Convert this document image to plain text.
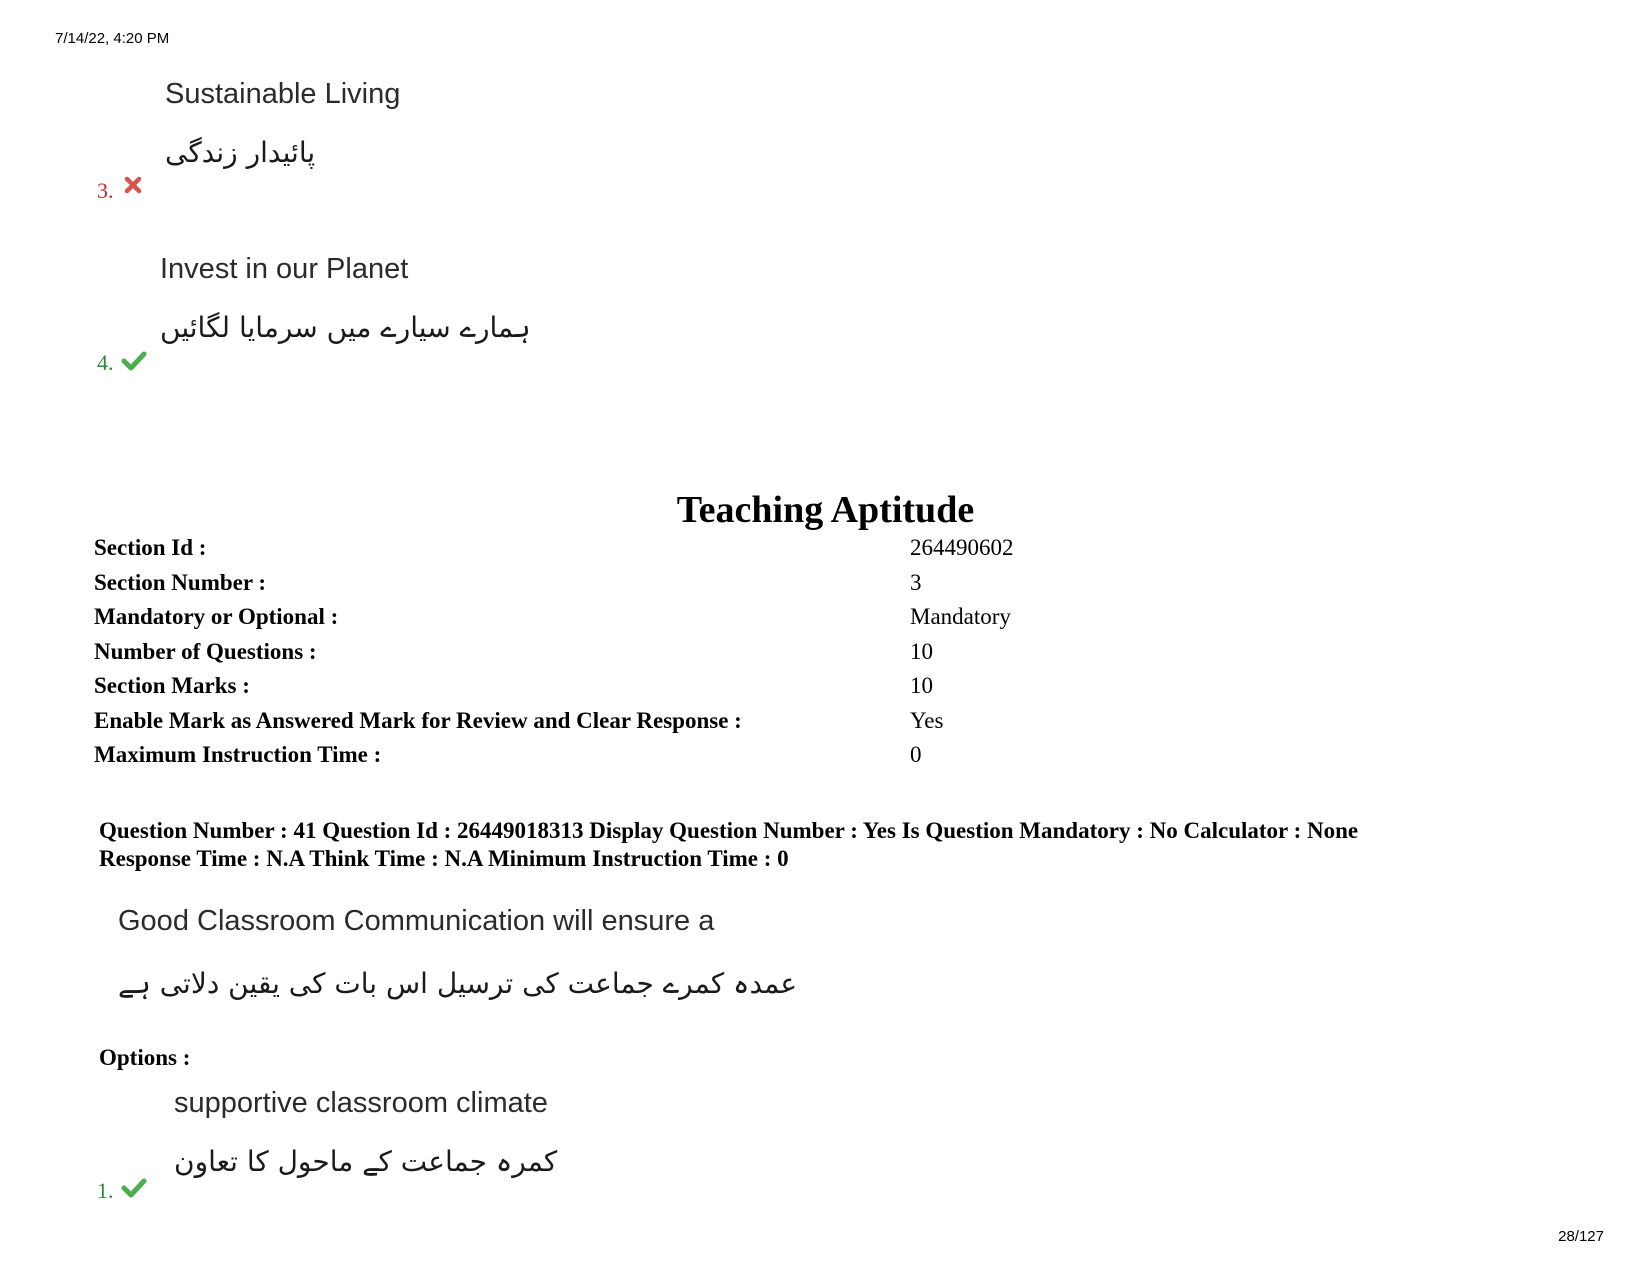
7/14/22, 4:20 PM
Sustainable Living
پائیدار زندگی
3.
Invest in our Planet
ہمارے سیارے میں سرمایا لگائیں
4.
Teaching Aptitude
Section Id :	264490602
Section Number :	3
Mandatory or Optional :	Mandatory
Number of Questions :	10
Section Marks :	10
Enable Mark as Answered Mark for Review and Clear Response :	Yes
Maximum Instruction Time :	0
Question Number : 41 Question Id : 26449018313 Display Question Number : Yes Is Question Mandatory : No Calculator : None
Response Time : N.A Think Time : N.A Minimum Instruction Time : 0
Good Classroom Communication will ensure a
عمدہ کمرے جماعت کی ترسیل اس بات کی یقین دلاتی ہے
Options :
supportive classroom climate
کمرہ جماعت کے ماحول کا تعاون
1.
28/127
